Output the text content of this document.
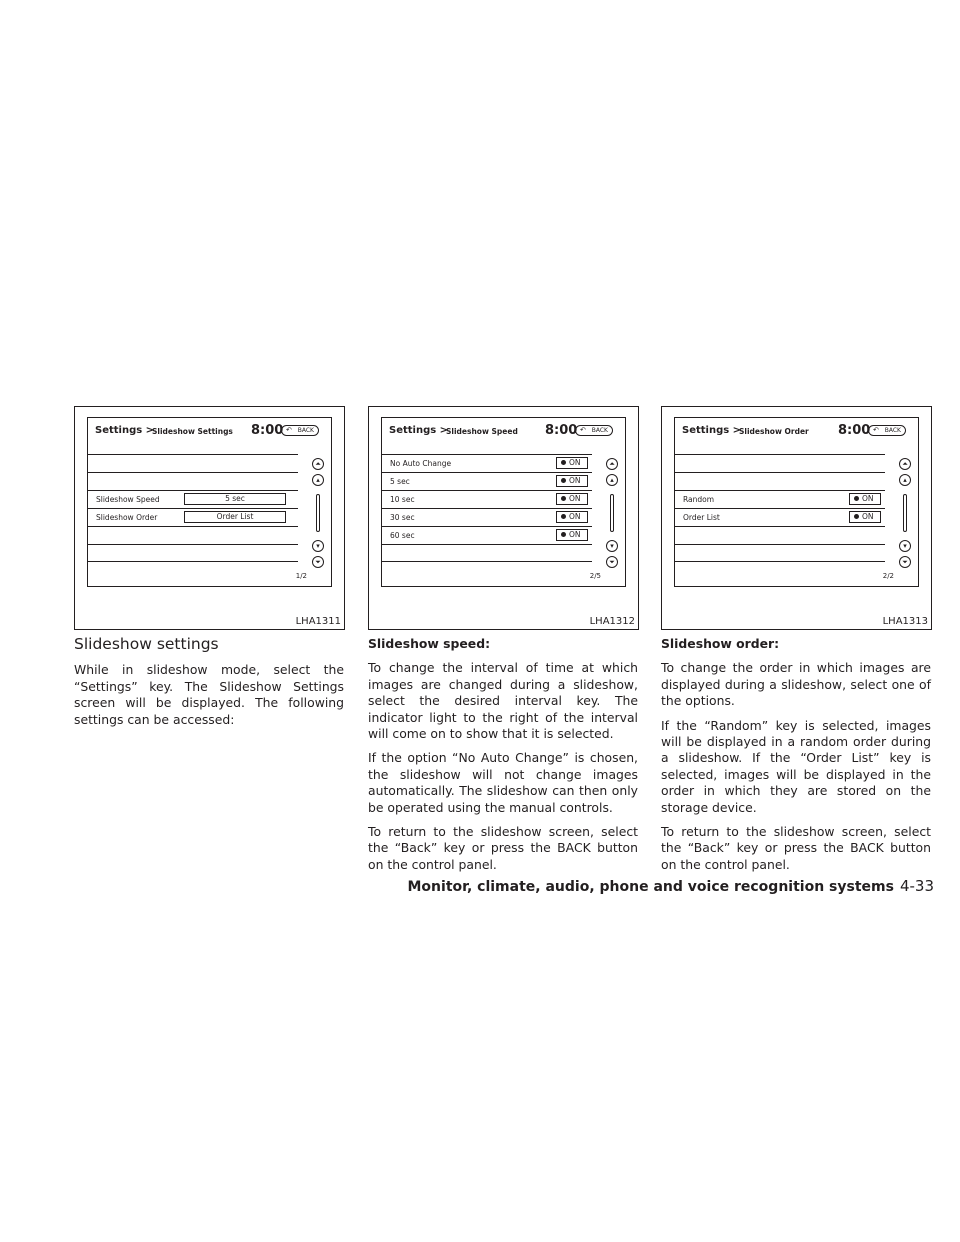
Settings >
Slideshow Settings 8:00 ↶ BACK
Slideshow Speed	5 sec
Slideshow Order	Order List
⏶
▴
▾
⏷
1/2
LHA1311
Settings >
Slideshow Speed 8:00 ↶ BACK
No Auto Change	ON
5 sec	ON
10 sec	ON
30 sec	ON
60 sec	ON
⏶
▴
▾
⏷
2/5
LHA1312
Settings >
Slideshow Order 8:00 ↶ BACK
Random	ON
Order List	ON
⏶
▴
▾
⏷
2/2
LHA1313
Slideshow settings

While in slideshow mode, select the “Settings” key. The Slideshow Settings screen will be displayed. The following settings can be accessed:

Slideshow speed:

To change the interval of time at which images are changed during a slideshow, select the desired interval key. The indicator light to the right of the interval will come on to show that it is selected.

If the option “No Auto Change” is chosen, the slideshow will not change images automatically. The slideshow can then only be operated using the manual controls.

To return to the slideshow screen, select the “Back” key or press the BACK button on the control panel.

Slideshow order:

To change the order in which images are displayed during a slideshow, select one of the options.

If the “Random” key is selected, images will be displayed in a random order during a slideshow. If the “Order List” key is selected, images will be displayed in the order in which they are stored on the storage device.

To return to the slideshow screen, select the “Back” key or press the BACK button on the control panel.

Monitor, climate, audio, phone and voice recognition systems 4-33
